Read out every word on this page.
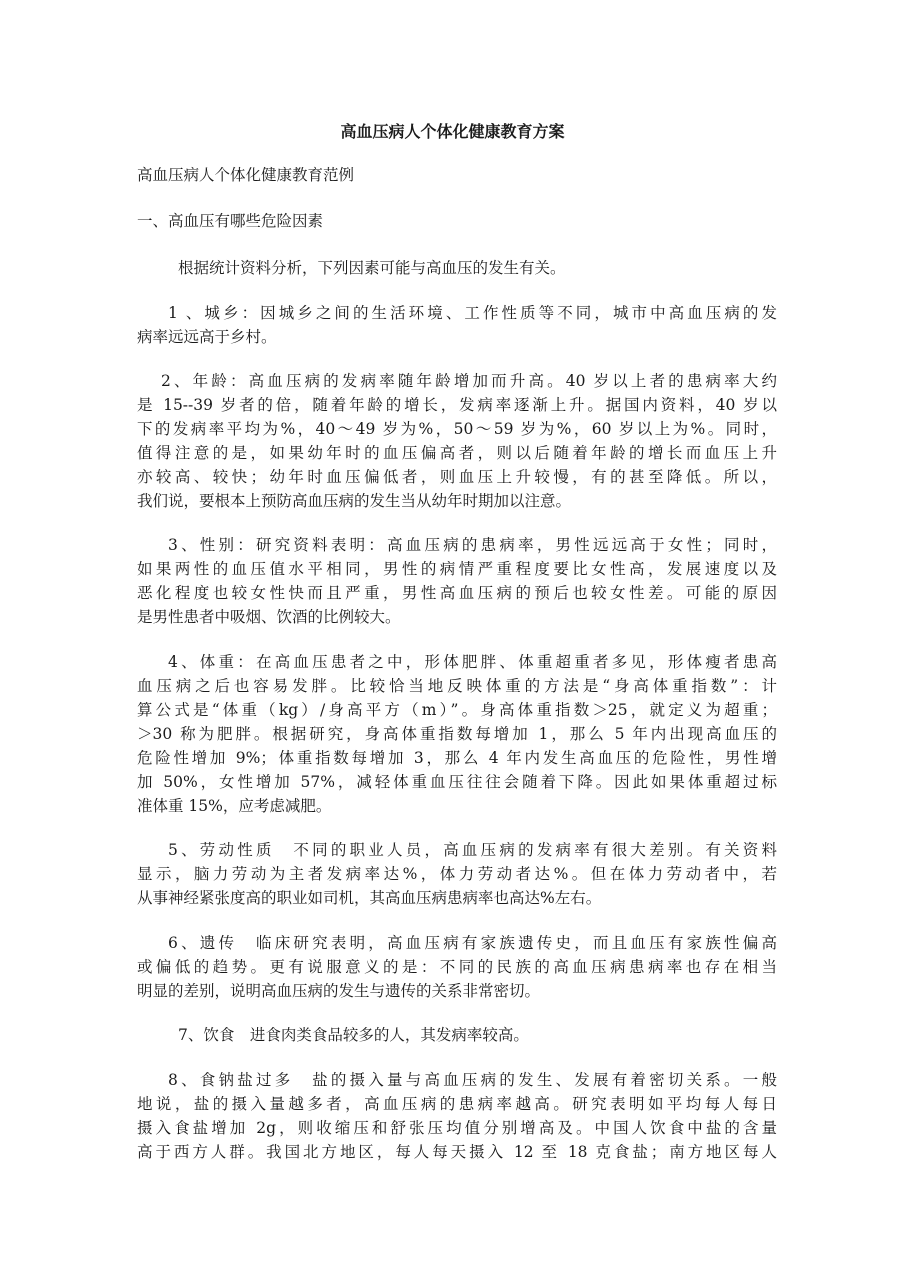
高血压病人个体化健康教育方案
高血压病人个体化健康教育范例
一、高血压有哪些危险因素
根据统计资料分析，下列因素可能与高血压的发生有关。
1 、城乡：因城乡之间的生活环境、工作性质等不同，城市中高血压病的发
病率远远高于乡村。
2、年龄：高血压病的发病率随年龄增加而升高。40 岁以上者的患病率大约
是 15--39 岁者的倍，随着年龄的增长，发病率逐渐上升。据国内资料，40 岁以
下的发病率平均为%，40～49 岁为%，50～59 岁为%，60 岁以上为%。同时，
值得注意的是，如果幼年时的血压偏高者，则以后随着年龄的增长而血压上升
亦较高、较快；幼年时血压偏低者，则血压上升较慢，有的甚至降低。所以，
我们说，要根本上预防高血压病的发生当从幼年时期加以注意。
3、性别：研究资料表明：高血压病的患病率，男性远远高于女性；同时，
如果两性的血压值水平相同，男性的病情严重程度要比女性高，发展速度以及
恶化程度也较女性快而且严重，男性高血压病的预后也较女性差。可能的原因
是男性患者中吸烟、饮酒的比例较大。
4、体重：在高血压患者之中，形体肥胖、体重超重者多见，形体瘦者患高
血压病之后也容易发胖。比较恰当地反映体重的方法是“身高体重指数”：计
算公式是“体重（kg）/身高平方（m）”。身高体重指数＞25，就定义为超重；
＞30 称为肥胖。根据研究，身高体重指数每增加 1，那么 5 年内出现高血压的
危险性增加 9%；体重指数每增加 3，那么 4 年内发生高血压的危险性，男性增
加 50%，女性增加 57%，减轻体重血压往往会随着下降。因此如果体重超过标
准体重 15%，应考虑减肥。
5、劳动性质　不同的职业人员，高血压病的发病率有很大差别。有关资料
显示，脑力劳动为主者发病率达%，体力劳动者达%。但在体力劳动者中，若
从事神经紧张度高的职业如司机，其高血压病患病率也高达%左右。
6、遗传　临床研究表明，高血压病有家族遗传史，而且血压有家族性偏高
或偏低的趋势。更有说服意义的是：不同的民族的高血压病患病率也存在相当
明显的差别，说明高血压病的发生与遗传的关系非常密切。
7、饮食　进食肉类食品较多的人，其发病率较高。
8、食钠盐过多　盐的摄入量与高血压病的发生、发展有着密切关系。一般
地说，盐的摄入量越多者，高血压病的患病率越高。研究表明如平均每人每日
摄入食盐增加 2g，则收缩压和舒张压均值分别增高及。中国人饮食中盐的含量
高于西方人群。我国北方地区，每人每天摄入 12 至 18 克食盐；南方地区每人
